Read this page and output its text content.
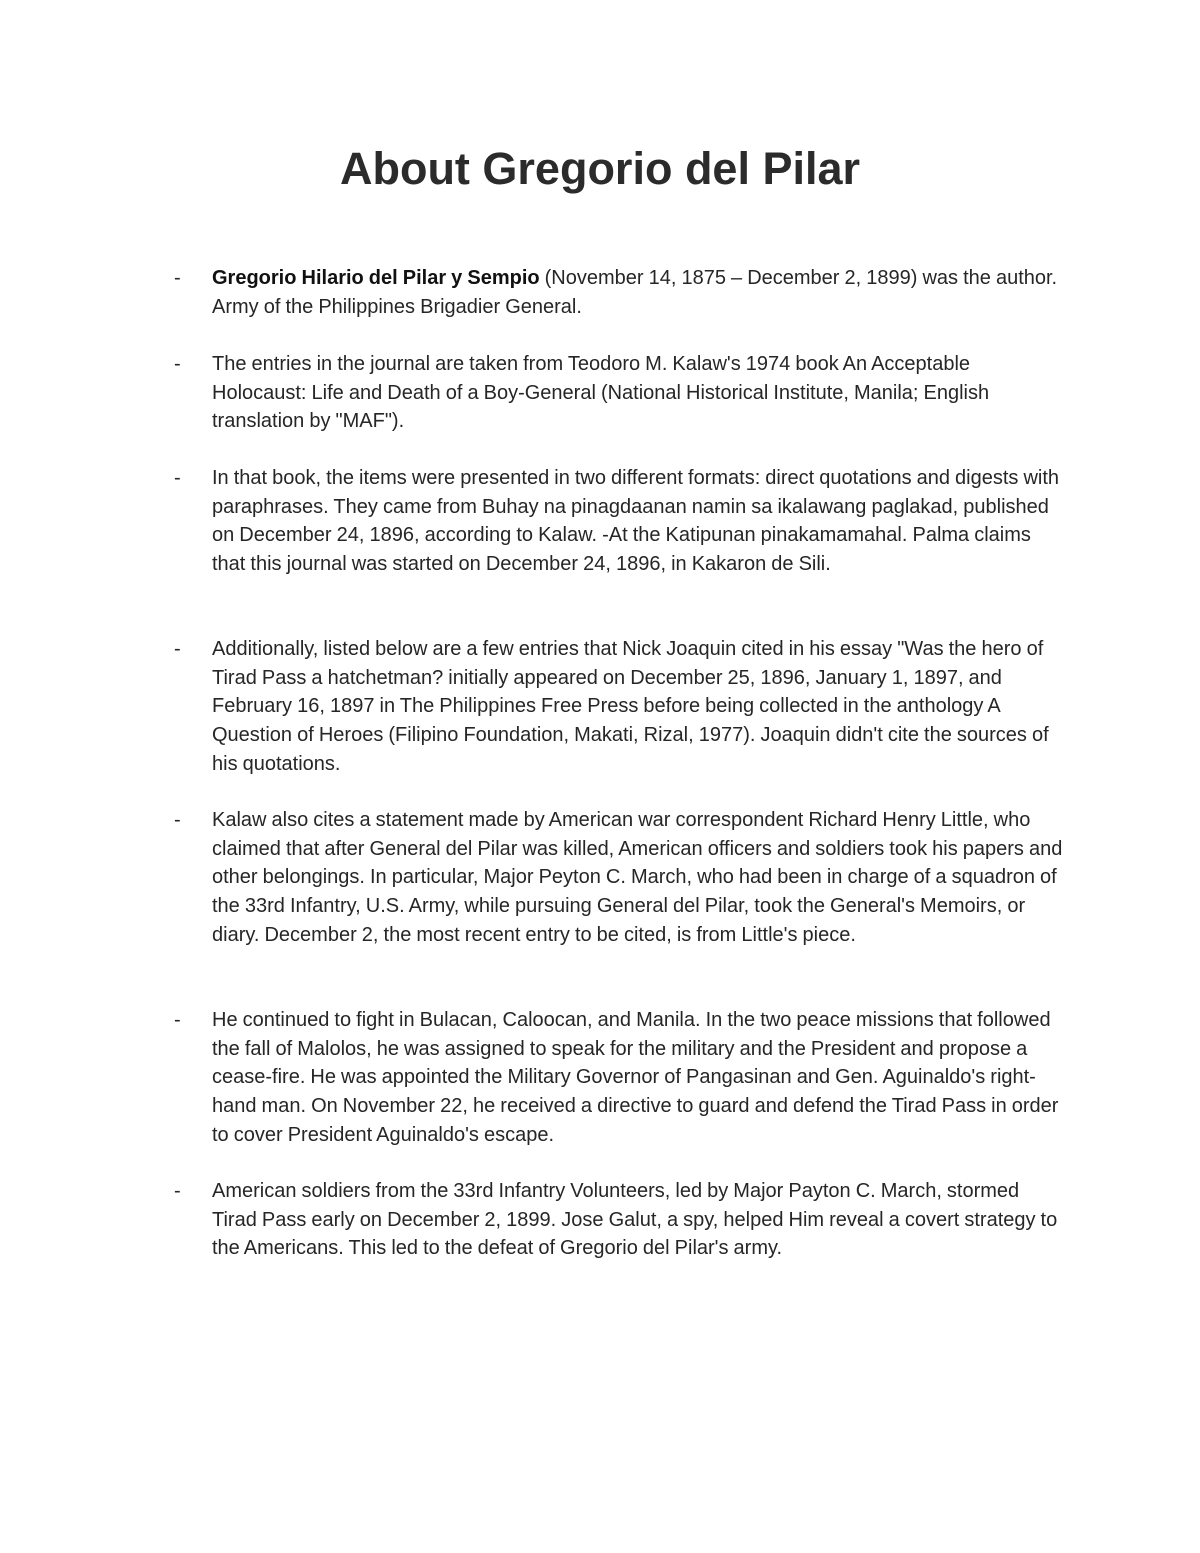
About Gregorio del Pilar
- Gregorio Hilario del Pilar y Sempio (November 14, 1875 – December 2, 1899) was the author. Army of the Philippines Brigadier General.
- The entries in the journal are taken from Teodoro M. Kalaw's 1974 book An Acceptable Holocaust: Life and Death of a Boy-General (National Historical Institute, Manila; English translation by "MAF").
- In that book, the items were presented in two different formats: direct quotations and digests with paraphrases. They came from Buhay na pinagdaanan namin sa ikalawang paglakad, published on December 24, 1896, according to Kalaw. -At the Katipunan pinakamamahal. Palma claims that this journal was started on December 24, 1896, in Kakaron de Sili.
- Additionally, listed below are a few entries that Nick Joaquin cited in his essay "Was the hero of Tirad Pass a hatchetman? initially appeared on December 25, 1896, January 1, 1897, and February 16, 1897 in The Philippines Free Press before being collected in the anthology A Question of Heroes (Filipino Foundation, Makati, Rizal, 1977). Joaquin didn't cite the sources of his quotations.
- Kalaw also cites a statement made by American war correspondent Richard Henry Little, who claimed that after General del Pilar was killed, American officers and soldiers took his papers and other belongings. In particular, Major Peyton C. March, who had been in charge of a squadron of the 33rd Infantry, U.S. Army, while pursuing General del Pilar, took the General's Memoirs, or diary. December 2, the most recent entry to be cited, is from Little's piece.
- He continued to fight in Bulacan, Caloocan, and Manila. In the two peace missions that followed the fall of Malolos, he was assigned to speak for the military and the President and propose a cease-fire. He was appointed the Military Governor of Pangasinan and Gen. Aguinaldo's right-hand man. On November 22, he received a directive to guard and defend the Tirad Pass in order to cover President Aguinaldo's escape.
- American soldiers from the 33rd Infantry Volunteers, led by Major Payton C. March, stormed Tirad Pass early on December 2, 1899. Jose Galut, a spy, helped Him reveal a covert strategy to the Americans. This led to the defeat of Gregorio del Pilar's army.
